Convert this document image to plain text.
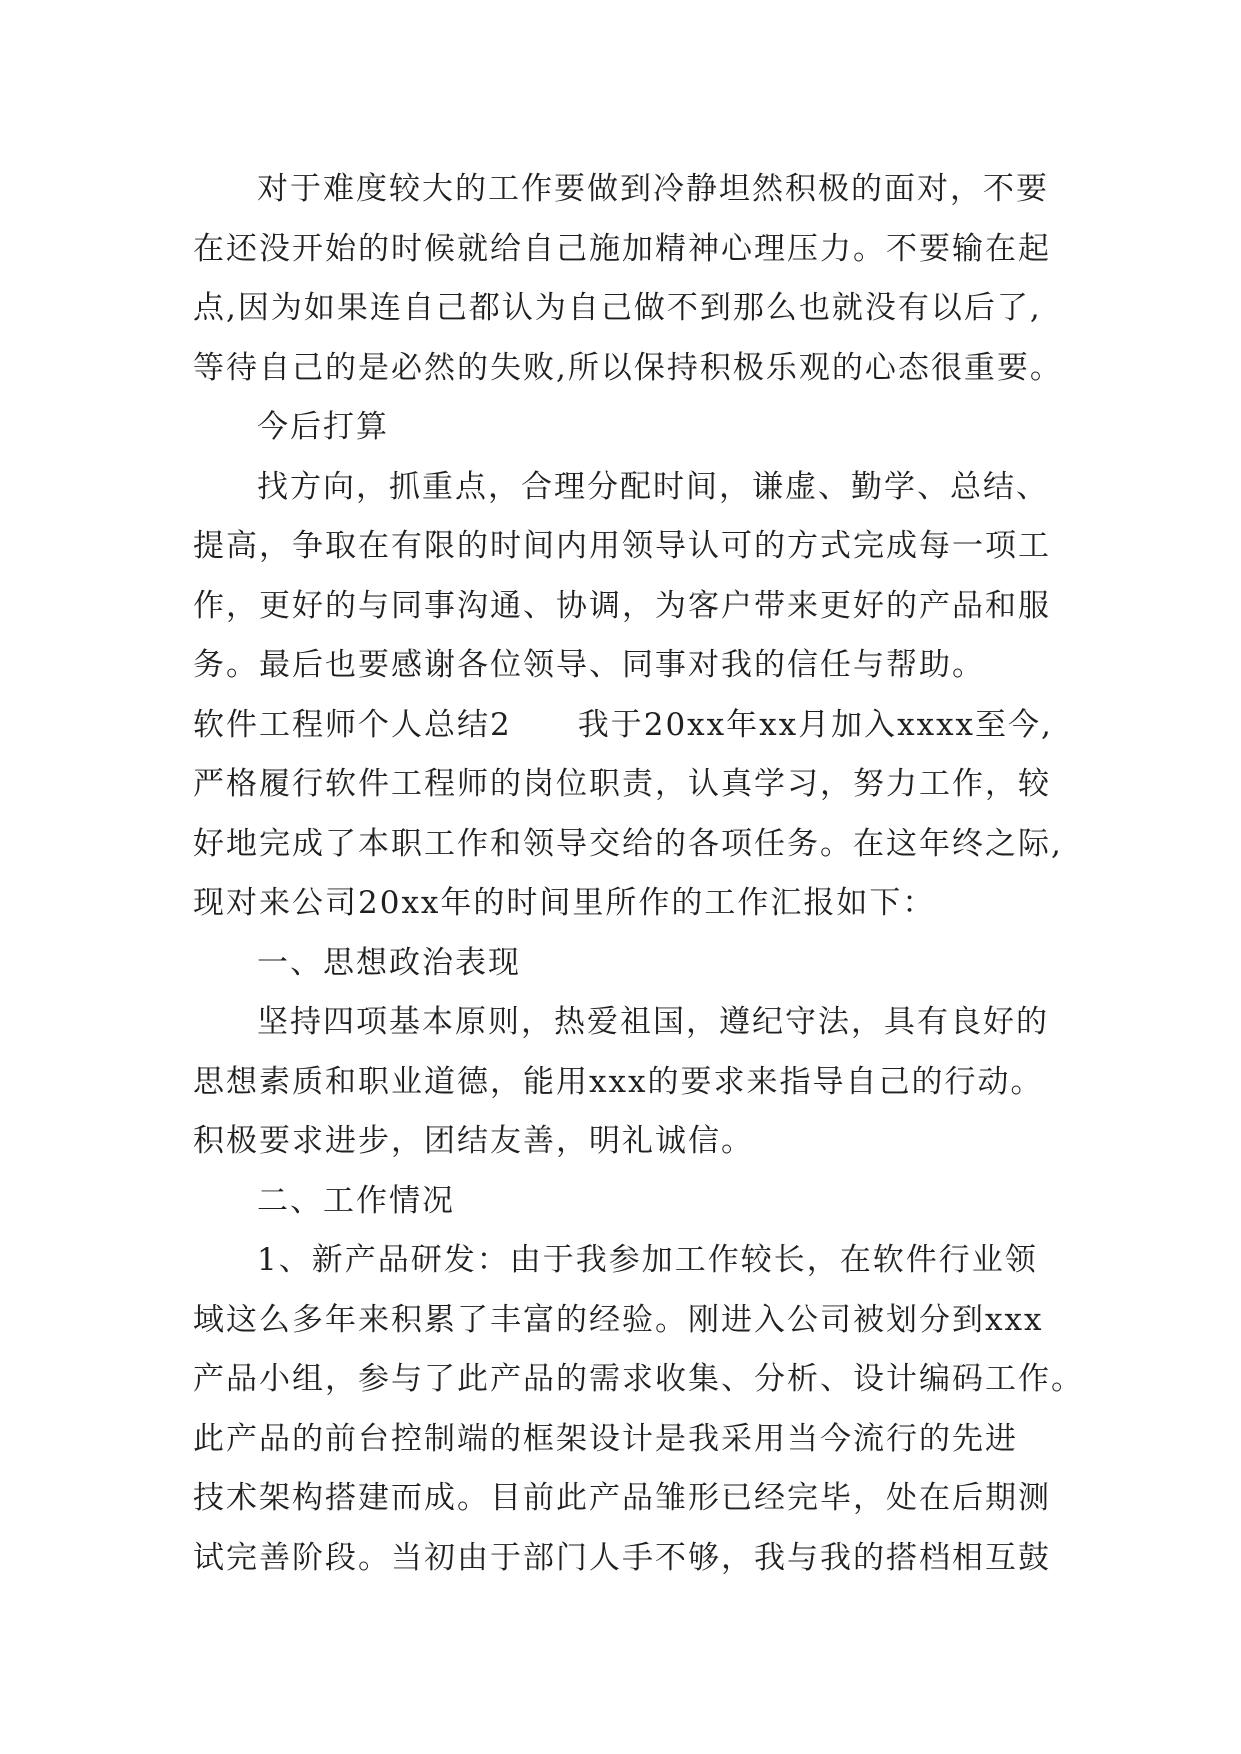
对于难度较大的工作要做到冷静坦然积极的面对，不要
在还没开始的时候就给自己施加精神心理压力。不要输在起
点,因为如果连自己都认为自己做不到那么也就没有以后了,
等待自己的是必然的失败,所以保持积极乐观的心态很重要。
今后打算
找方向，抓重点，合理分配时间，谦虚、勤学、总结、
提高，争取在有限的时间内用领导认可的方式完成每一项工
作，更好的与同事沟通、协调，为客户带来更好的产品和服
务。最后也要感谢各位领导、同事对我的信任与帮助。
软件工程师个人总结2　　我于20xx年xx月加入xxxx至今,
严格履行软件工程师的岗位职责，认真学习，努力工作，较
好地完成了本职工作和领导交给的各项任务。在这年终之际,
现对来公司20xx年的时间里所作的工作汇报如下：
一、思想政治表现
坚持四项基本原则，热爱祖国，遵纪守法，具有良好的
思想素质和职业道德，能用xxx的要求来指导自己的行动。
积极要求进步，团结友善，明礼诚信。
二、工作情况
1、新产品研发：由于我参加工作较长，在软件行业领
域这么多年来积累了丰富的经验。刚进入公司被划分到xxx
产品小组，参与了此产品的需求收集、分析、设计编码工作。
此产品的前台控制端的框架设计是我采用当今流行的先进
技术架构搭建而成。目前此产品雏形已经完毕，处在后期测
试完善阶段。当初由于部门人手不够，我与我的搭档相互鼓
